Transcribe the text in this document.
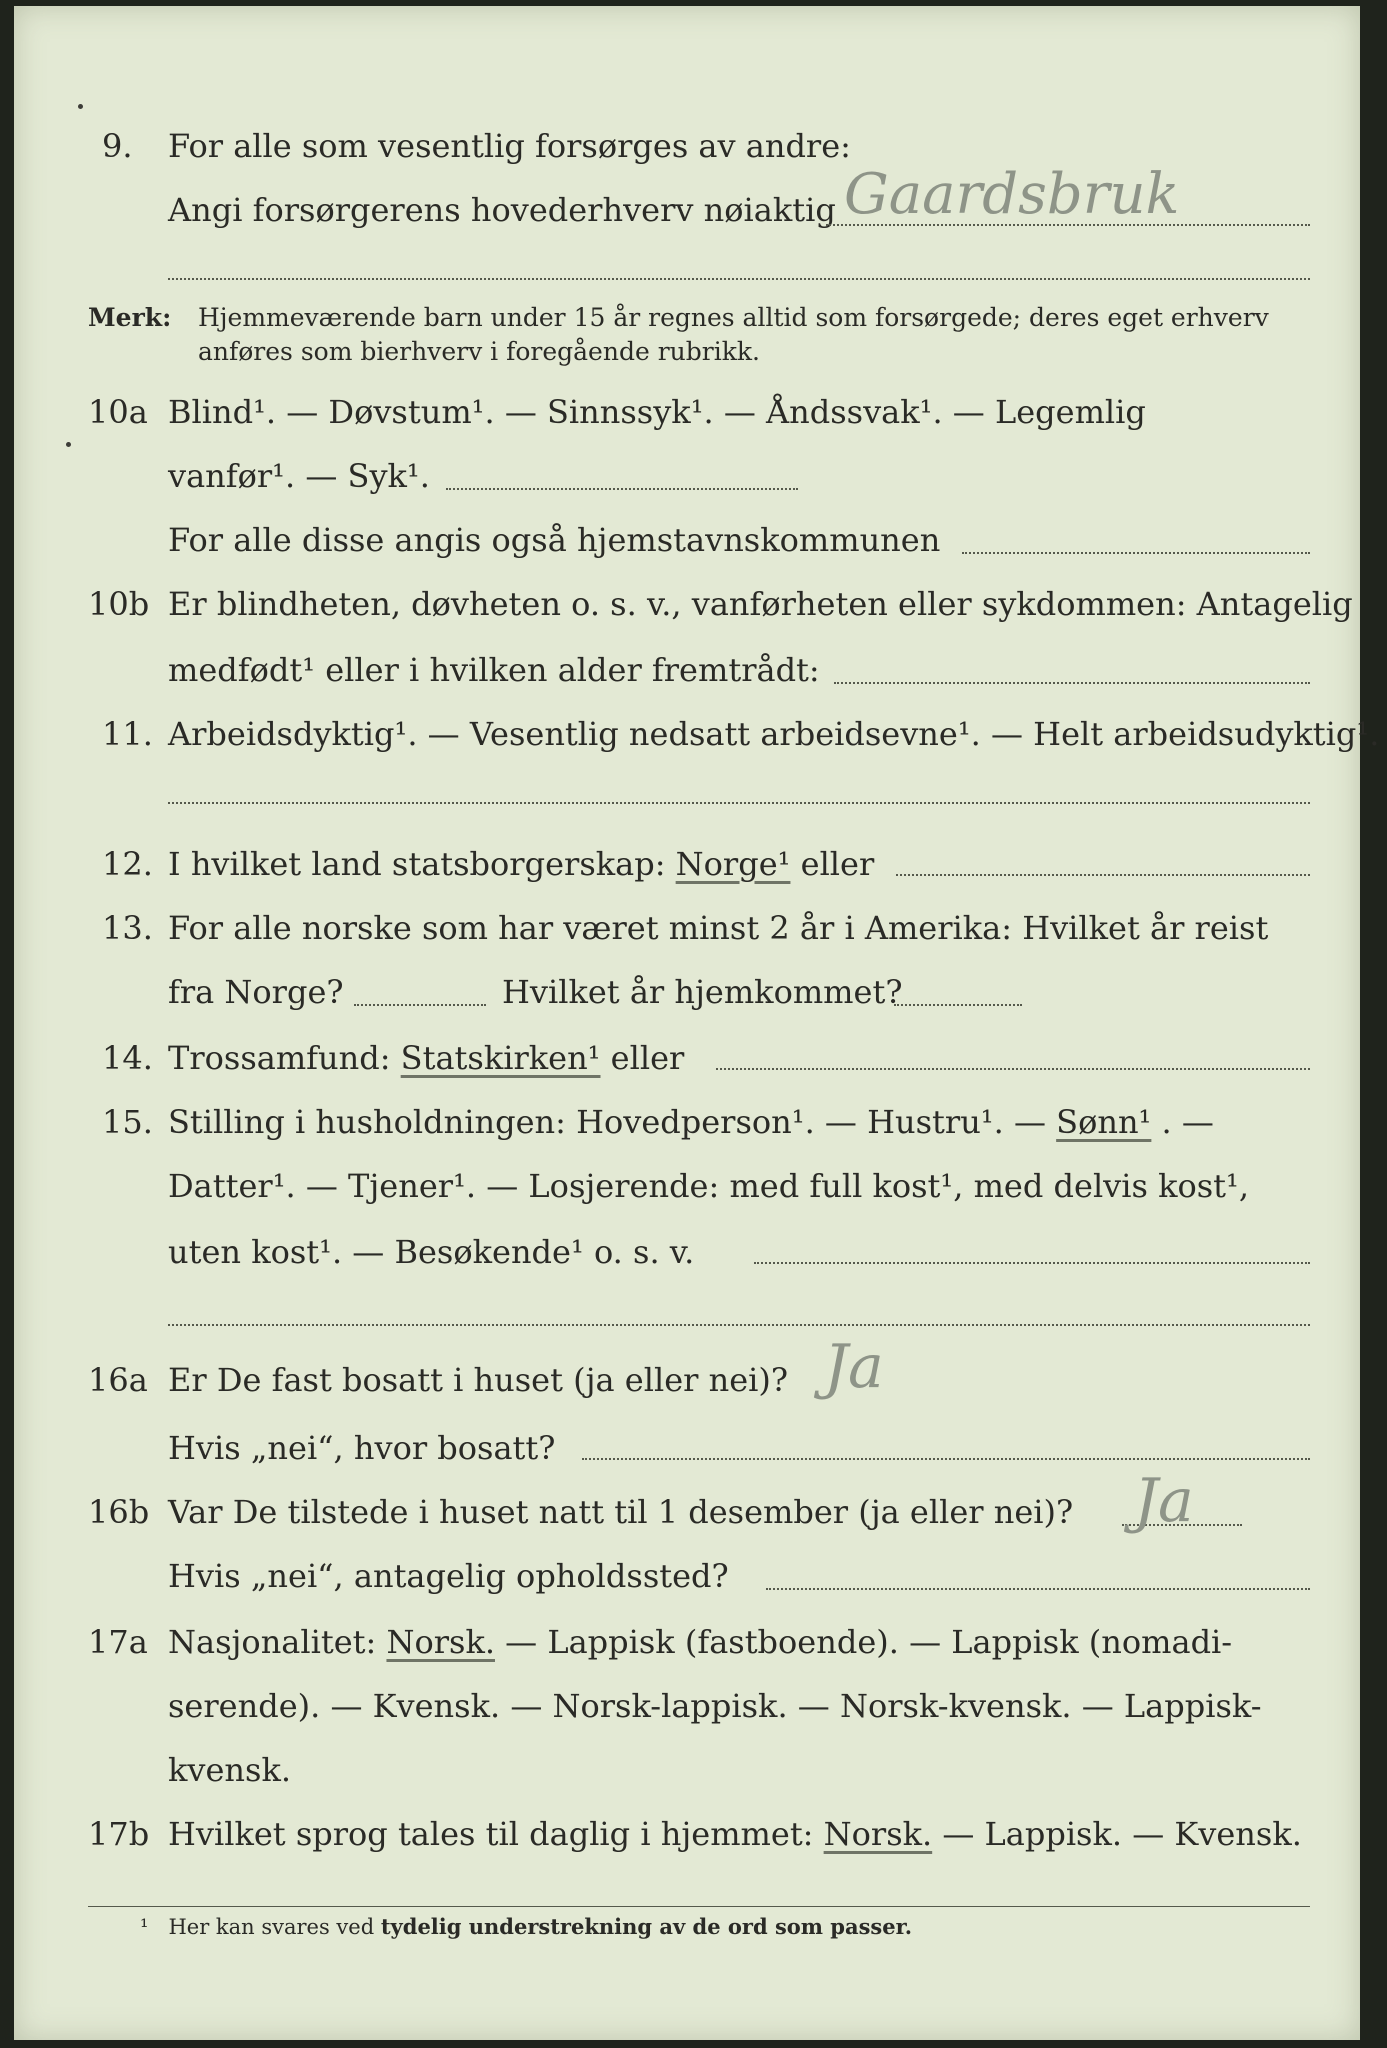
9. For alle som vesentlig forsørges av andre:
Angi forsørgerens hovederhverv nøiaktig Gaardsbruk
Merk: Hjemmeværende barn under 15 år regnes alltid som forsørgede; deres eget erhverv
anføres som bierhverv i foregående rubrikk.
10a Blind¹. — Døvstum¹. — Sinnssyk¹. — Åndssvak¹. — Legemlig
vanfør¹. — Syk¹.
For alle disse angis også hjemstavnskommunen
10b Er blindheten, døvheten o. s. v., vanførheten eller sykdommen: Antagelig
medfødt¹ eller i hvilken alder fremtrådt:
11. Arbeidsdyktig¹. — Vesentlig nedsatt arbeidsevne¹. — Helt arbeidsudyktig¹.
12. I hvilket land statsborgerskap: Norge¹ eller
13. For alle norske som har været minst 2 år i Amerika: Hvilket år reist
fra Norge?	Hvilket år hjemkommet?
14. Trossamfund: Statskirken¹ eller
15. Stilling i husholdningen: Hovedperson¹. — Hustru¹. — Sønn¹ . —
Datter¹. — Tjener¹. — Losjerende: med full kost¹, med delvis kost¹,
uten kost¹. — Besøkende¹ o. s. v.
16a Er De fast bosatt i huset (ja eller nei)? Ja
Hvis „nei“, hvor bosatt?
16b Var De tilstede i huset natt til 1 desember (ja eller nei)? Ja
Hvis „nei“, antagelig opholdssted?
17a Nasjonalitet: Norsk. — Lappisk (fastboende). — Lappisk (nomadi-
serende). — Kvensk. — Norsk-lappisk. — Norsk-kvensk. — Lappisk-
kvensk.
17b Hvilket sprog tales til daglig i hjemmet: Norsk. — Lappisk. — Kvensk.
¹ Her kan svares ved tydelig understrekning av de ord som passer.
